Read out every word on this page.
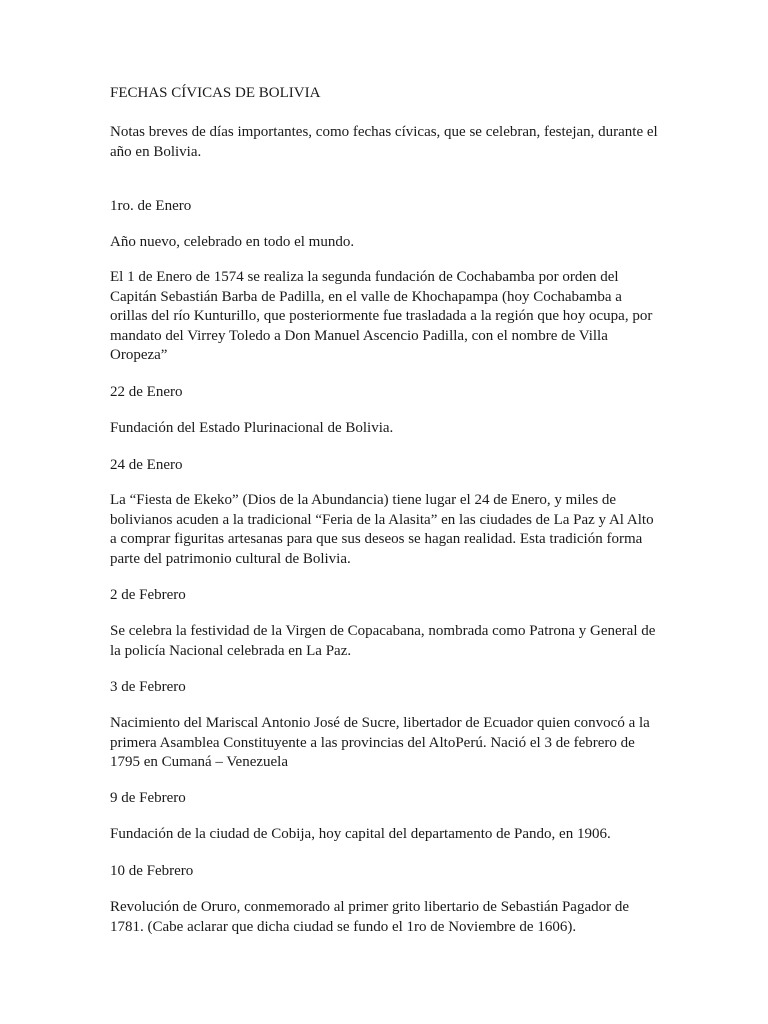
FECHAS CÍVICAS DE BOLIVIA

Notas breves de días importantes, como fechas cívicas, que se celebran, festejan, durante el año en Bolivia.

1ro. de Enero

Año nuevo, celebrado en todo el mundo.

El 1 de Enero de 1574 se realiza la segunda fundación de Cochabamba por orden del Capitán Sebastián Barba de Padilla, en el valle de Khochapampa (hoy Cochabamba a orillas del río Kunturillo, que posteriormente fue trasladada a la región que hoy ocupa, por mandato del Virrey Toledo a Don Manuel Ascencio Padilla, con el nombre de Villa Oropeza”

22 de Enero

Fundación del Estado Plurinacional de Bolivia.

24 de Enero

La “Fiesta de Ekeko” (Dios de la Abundancia) tiene lugar el 24 de Enero, y miles de bolivianos acuden a la tradicional “Feria de la Alasita” en las ciudades de La Paz y Al Alto a comprar figuritas artesanas para que sus deseos se hagan realidad. Esta tradición forma parte del patrimonio cultural de Bolivia.

2 de Febrero

Se celebra la festividad de la Virgen de Copacabana, nombrada como Patrona y General de la policía Nacional celebrada en La Paz.

3 de Febrero

Nacimiento del Mariscal Antonio José de Sucre, libertador de Ecuador quien convocó a la primera Asamblea Constituyente a las provincias del AltoPerú. Nació el 3 de febrero de 1795 en Cumaná – Venezuela

9 de Febrero

Fundación de la ciudad de Cobija, hoy capital del departamento de Pando, en 1906.

10 de Febrero

Revolución de Oruro, conmemorado al primer grito libertario de Sebastián Pagador de 1781. (Cabe aclarar que dicha ciudad se fundo el 1ro de Noviembre de 1606).
